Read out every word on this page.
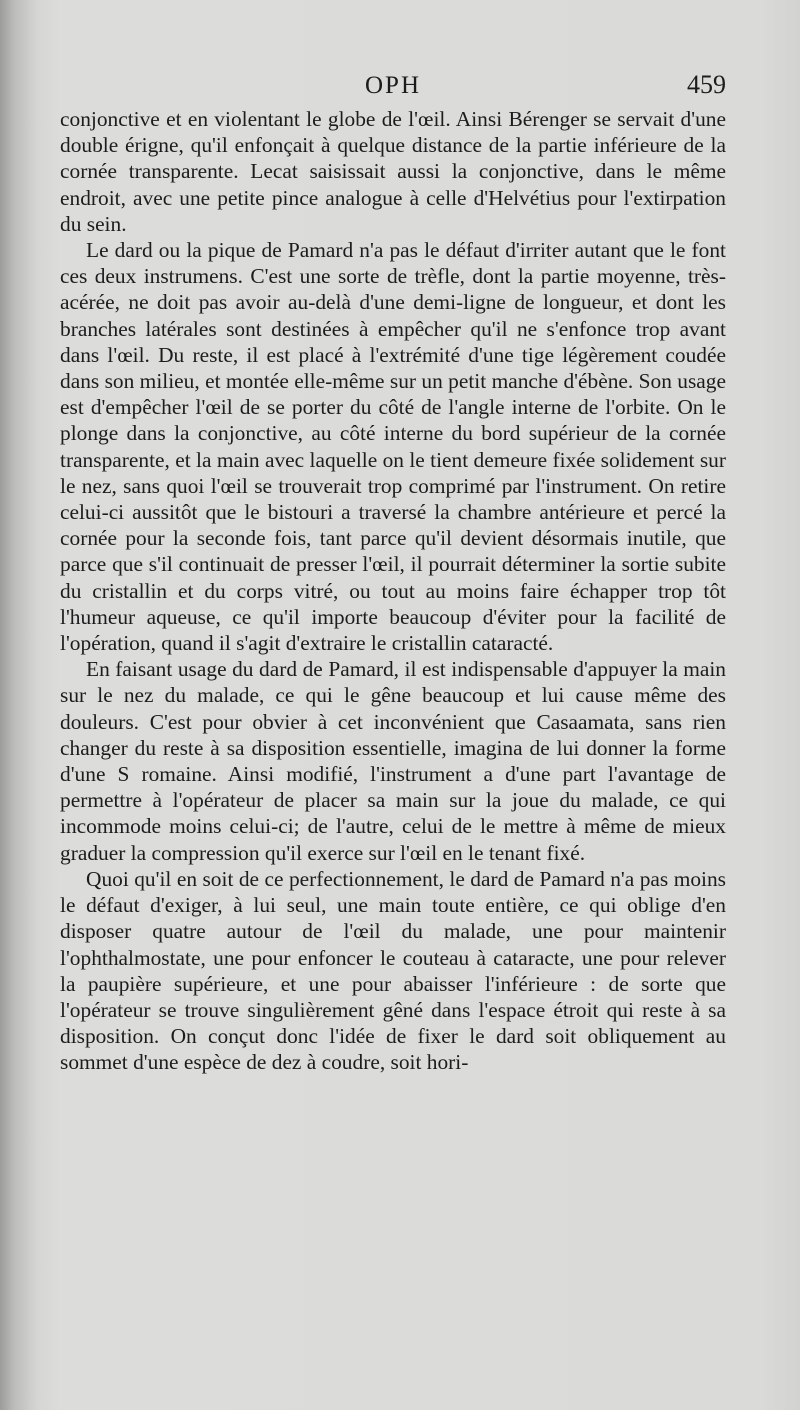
OPH	459

conjonctive et en violentant le globe de l'œil. Ainsi Bérenger se servait d'une double érigne, qu'il enfonçait à quelque distance de la partie inférieure de la cornée transparente. Lecat saisissait aussi la conjonctive, dans le même endroit, avec une petite pince analogue à celle d'Helvétius pour l'extirpation du sein.

Le dard ou la pique de Pamard n'a pas le défaut d'irriter autant que le font ces deux instrumens. C'est une sorte de trèfle, dont la partie moyenne, très-acérée, ne doit pas avoir au-delà d'une demi-ligne de longueur, et dont les branches latérales sont destinées à empêcher qu'il ne s'enfonce trop avant dans l'œil. Du reste, il est placé à l'extrémité d'une tige légèrement coudée dans son milieu, et montée elle-même sur un petit manche d'ébène. Son usage est d'empêcher l'œil de se porter du côté de l'angle interne de l'orbite. On le plonge dans la conjonctive, au côté interne du bord supérieur de la cornée transparente, et la main avec laquelle on le tient demeure fixée solidement sur le nez, sans quoi l'œil se trouverait trop comprimé par l'instrument. On retire celui-ci aussitôt que le bistouri a traversé la chambre antérieure et percé la cornée pour la seconde fois, tant parce qu'il devient désormais inutile, que parce que s'il continuait de presser l'œil, il pourrait déterminer la sortie subite du cristallin et du corps vitré, ou tout au moins faire échapper trop tôt l'humeur aqueuse, ce qu'il importe beaucoup d'éviter pour la facilité de l'opération, quand il s'agit d'extraire le cristallin cataracté.

En faisant usage du dard de Pamard, il est indispensable d'appuyer la main sur le nez du malade, ce qui le gêne beaucoup et lui cause même des douleurs. C'est pour obvier à cet inconvénient que Casaamata, sans rien changer du reste à sa disposition essentielle, imagina de lui donner la forme d'une S romaine. Ainsi modifié, l'instrument a d'une part l'avantage de permettre à l'opérateur de placer sa main sur la joue du malade, ce qui incommode moins celui-ci; de l'autre, celui de le mettre à même de mieux graduer la compression qu'il exerce sur l'œil en le tenant fixé.

Quoi qu'il en soit de ce perfectionnement, le dard de Pamard n'a pas moins le défaut d'exiger, à lui seul, une main toute entière, ce qui oblige d'en disposer quatre autour de l'œil du malade, une pour maintenir l'ophthalmostate, une pour enfoncer le couteau à cataracte, une pour relever la paupière supérieure, et une pour abaisser l'inférieure : de sorte que l'opérateur se trouve singulièrement gêné dans l'espace étroit qui reste à sa disposition. On conçut donc l'idée de fixer le dard soit obliquement au sommet d'une espèce de dez à coudre, soit hori-
